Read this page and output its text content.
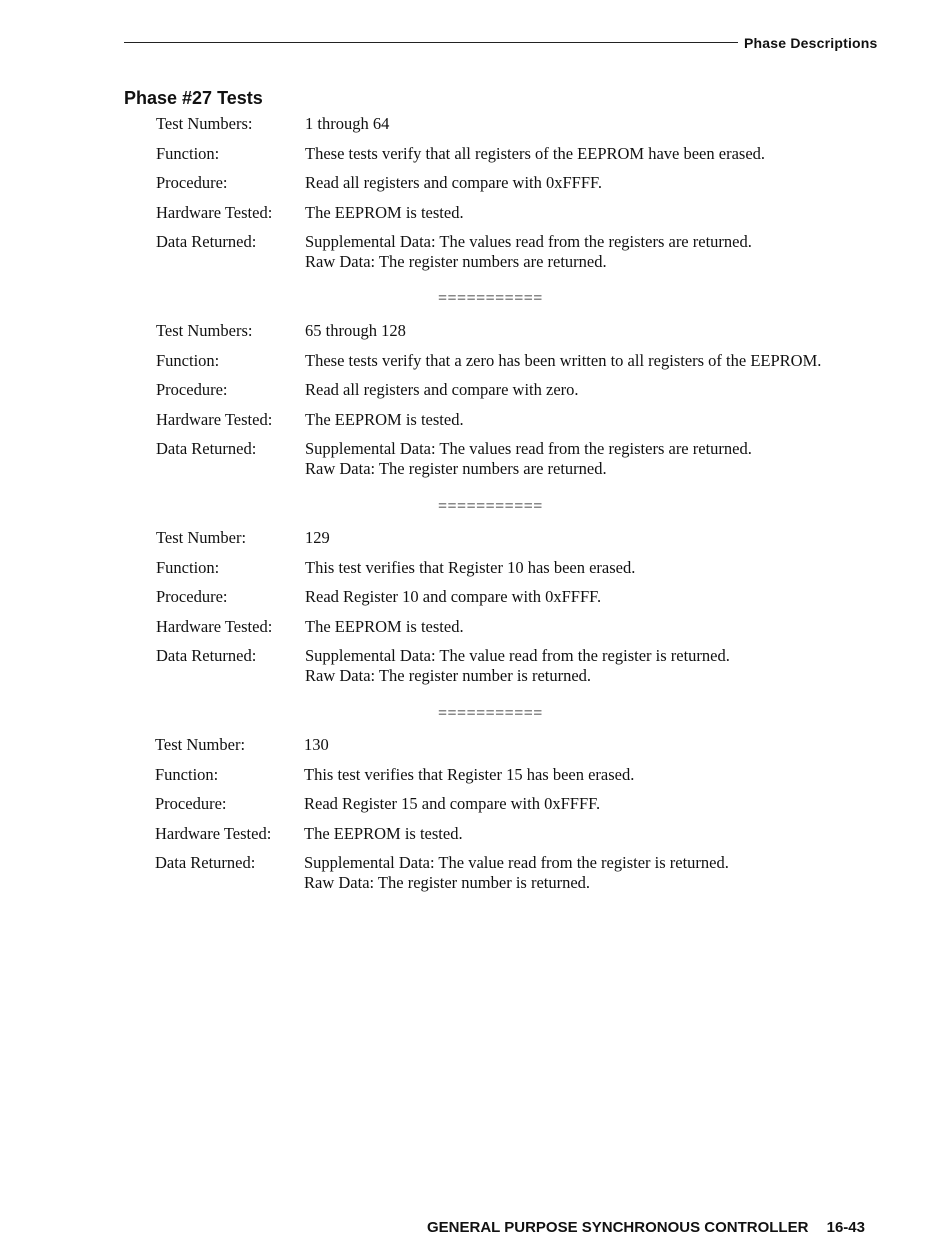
Phase Descriptions
Phase #27 Tests
Test Numbers:	1 through 64
Function:	These tests verify that all registers of the EEPROM have been erased.
Procedure:	Read all registers and compare with 0xFFFF.
Hardware Tested:	The EEPROM is tested.
Data Returned:	Supplemental Data: The values read from the registers are returned.
Raw Data: The register numbers are returned.
===========
Test Numbers:	65 through 128
Function:	These tests verify that a zero has been written to all registers of the EEPROM.
Procedure:	Read all registers and compare with zero.
Hardware Tested:	The EEPROM is tested.
Data Returned:	Supplemental Data: The values read from the registers are returned.
Raw Data: The register numbers are returned.
===========
Test Number:	129
Function:	This test verifies that Register 10 has been erased.
Procedure:	Read Register 10 and compare with 0xFFFF.
Hardware Tested:	The EEPROM is tested.
Data Returned:	Supplemental Data: The value read from the register is returned.
Raw Data: The register number is returned.
===========
Test Number:	130
Function:	This test verifies that Register 15 has been erased.
Procedure:	Read Register 15 and compare with 0xFFFF.
Hardware Tested:	The EEPROM is tested.
Data Returned:	Supplemental Data: The value read from the register is returned.
Raw Data: The register number is returned.
GENERAL PURPOSE SYNCHRONOUS CONTROLLER 16-43
